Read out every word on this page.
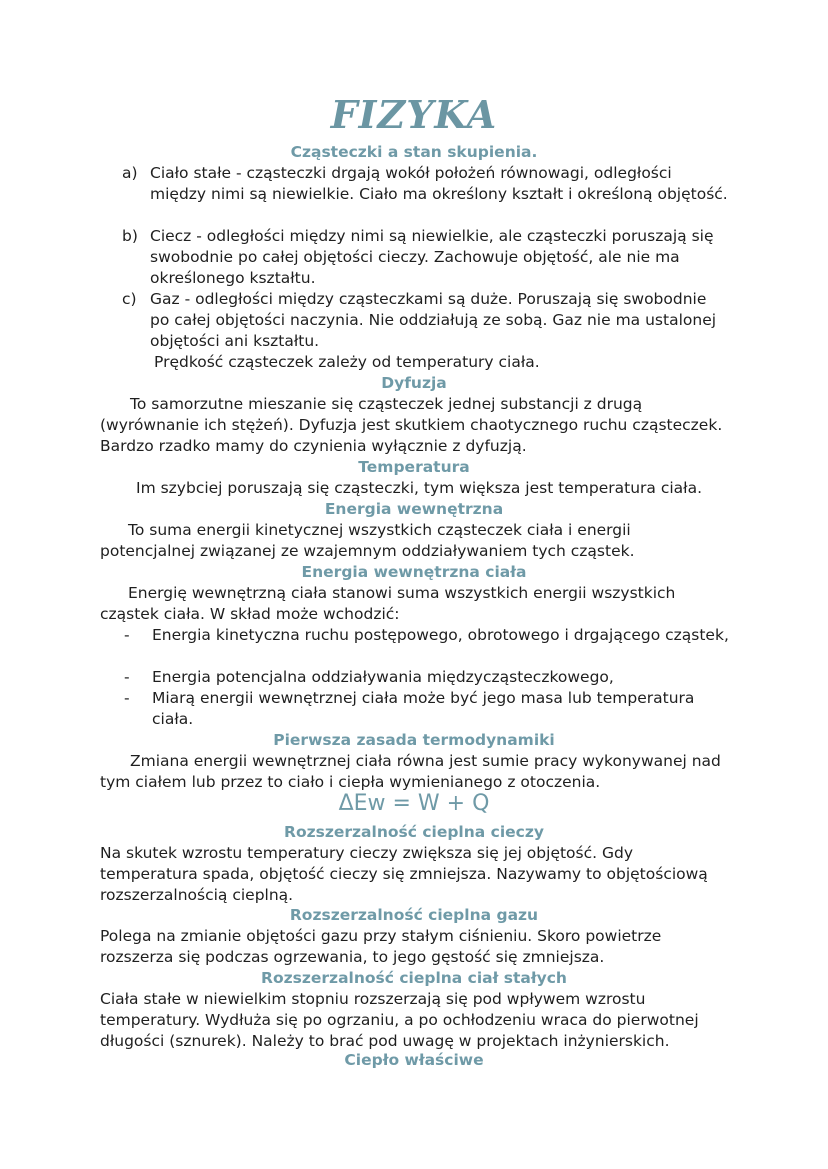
FIZYKA
Cząsteczki a stan skupienia.
a) Ciało stałe - cząsteczki drgają wokół położeń równowagi, odległości między nimi są niewielkie. Ciało ma określony kształt i określoną objętość.
b) Ciecz - odległości między nimi są niewielkie, ale cząsteczki poruszają się swobodnie po całej objętości cieczy. Zachowuje objętość, ale nie ma określonego kształtu.
c) Gaz - odległości między cząsteczkami są duże. Poruszają się swobodnie po całej objętości naczynia. Nie oddziałują ze sobą. Gaz nie ma ustalonej objętości ani kształtu.
Prędkość cząsteczek zależy od temperatury ciała.
Dyfuzja
To samorzutne mieszanie się cząsteczek jednej substancji z drugą (wyrównanie ich stężeń). Dyfuzja jest skutkiem chaotycznego ruchu cząsteczek. Bardzo rzadko mamy do czynienia wyłącznie z dyfuzją.
Temperatura
Im szybciej poruszają się cząsteczki, tym większa jest temperatura ciała.
Energia wewnętrzna
To suma energii kinetycznej wszystkich cząsteczek ciała i energii potencjalnej związanej ze wzajemnym oddziaływaniem tych cząstek.
Energia wewnętrzna ciała
Energię wewnętrzną ciała stanowi suma wszystkich energii wszystkich cząstek ciała. W skład może wchodzić:
- Energia kinetyczna ruchu postępowego, obrotowego i drgającego cząstek,
- Energia potencjalna oddziaływania międzycząsteczkowego,
- Miarą energii wewnętrznej ciała może być jego masa lub temperatura ciała.
Pierwsza zasada termodynamiki
Zmiana energii wewnętrznej ciała równa jest sumie pracy wykonywanej nad tym ciałem lub przez to ciało i ciepła wymienianego z otoczenia.
ΔEw = W + Q
Rozszerzalność cieplna cieczy
Na skutek wzrostu temperatury cieczy zwiększa się jej objętość. Gdy temperatura spada, objętość cieczy się zmniejsza. Nazywamy to objętościową rozszerzalnością cieplną.
Rozszerzalność cieplna gazu
Polega na zmianie objętości gazu przy stałym ciśnieniu. Skoro powietrze rozszerza się podczas ogrzewania, to jego gęstość się zmniejsza.
Rozszerzalność cieplna ciał stałych
Ciała stałe w niewielkim stopniu rozszerzają się pod wpływem wzrostu temperatury. Wydłuża się po ogrzaniu, a po ochłodzeniu wraca do pierwotnej długości (sznurek). Należy to brać pod uwagę w projektach inżynierskich.
Ciepło właściwe
